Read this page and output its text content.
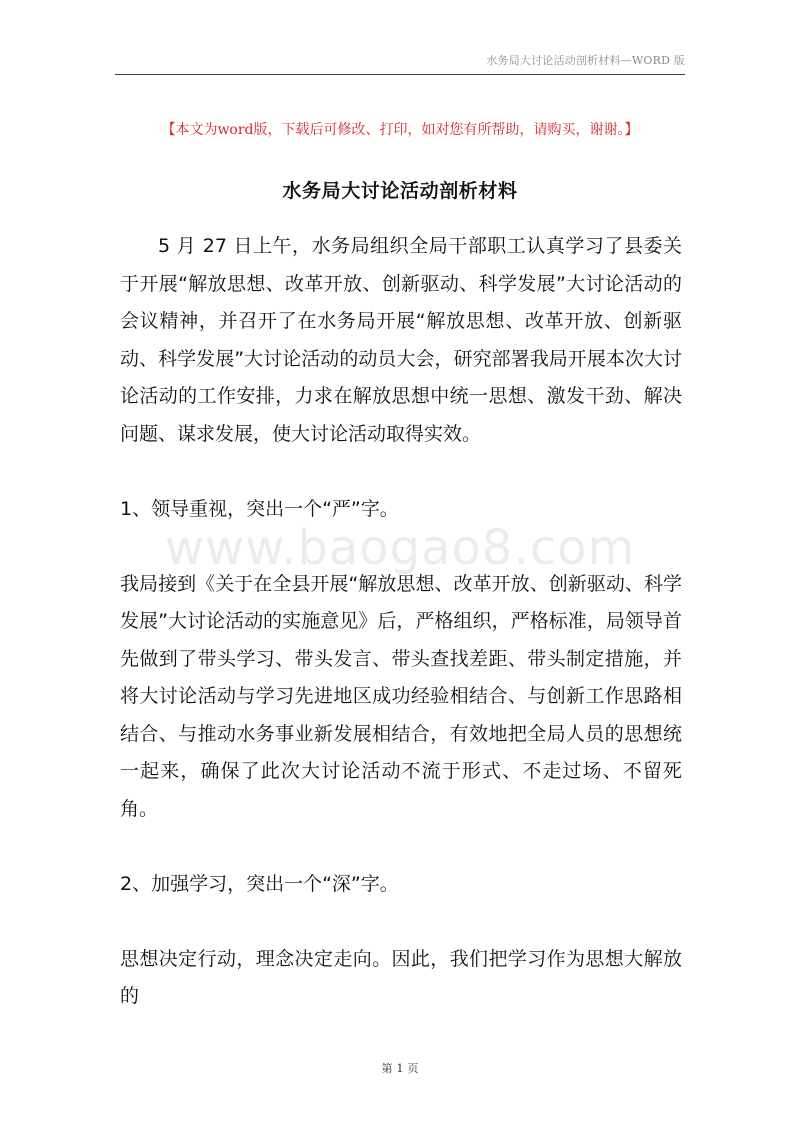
水务局大讨论活动剖析材料—WORD 版
【本文为word版，下载后可修改、打印，如对您有所帮助，请购买，谢谢。】
水务局大讨论活动剖析材料

5 月 27 日上午，水务局组织全局干部职工认真学习了县委关于开展“解放思想、改革开放、创新驱动、科学发展”大讨论活动的会议精神，并召开了在水务局开展“解放思想、改革开放、创新驱动、科学发展”大讨论活动的动员大会，研究部署我局开展本次大讨论活动的工作安排，力求在解放思想中统一思想、激发干劲、解决问题、谋求发展，使大讨论活动取得实效。

1、领导重视，突出一个“严”字。

我局接到《关于在全县开展“解放思想、改革开放、创新驱动、科学发展”大讨论活动的实施意见》后，严格组织，严格标准，局领导首先做到了带头学习、带头发言、带头查找差距、带头制定措施，并将大讨论活动与学习先进地区成功经验相结合、与创新工作思路相结合、与推动水务事业新发展相结合，有效地把全局人员的思想统一起来，确保了此次大讨论活动不流于形式、不走过场、不留死角。

2、加强学习，突出一个“深”字。

思想决定行动，理念决定走向。因此，我们把学习作为思想大解放的

www.baogao8.com
第 1 页
